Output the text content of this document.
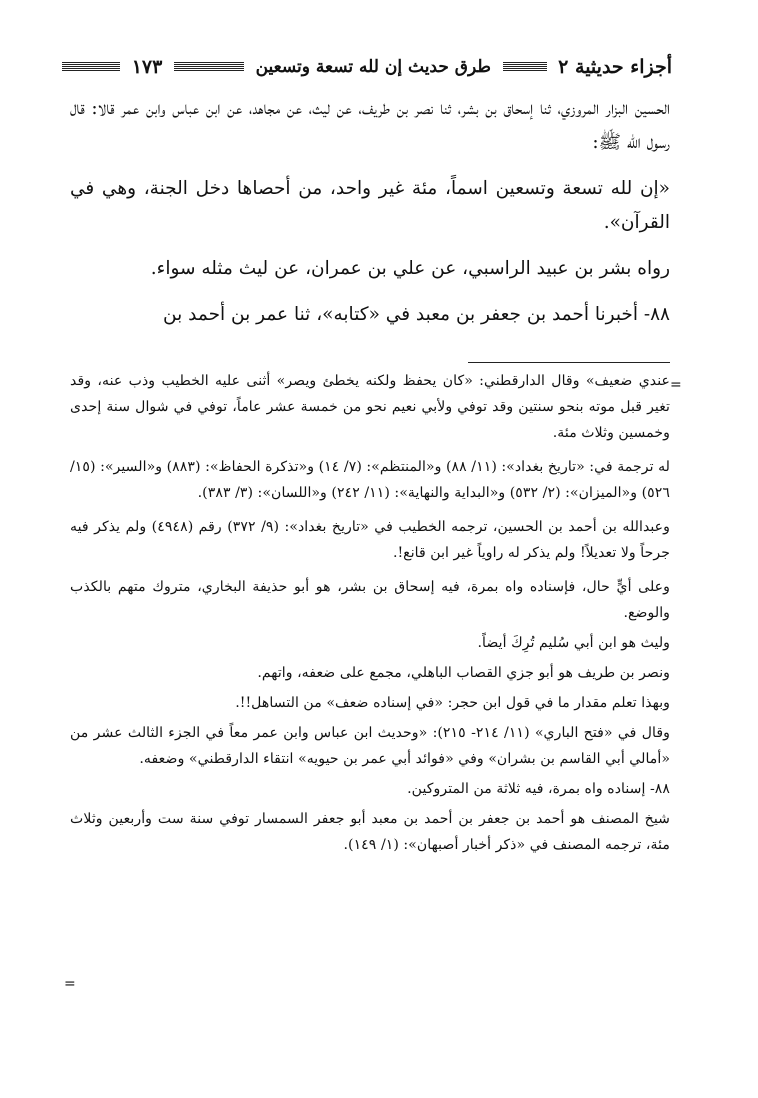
أجزاء حديثية ٢
طرق حديث إن لله تسعة وتسعين
١٧٣

الحسين البزار المروزي، ثنا إسحاق بن بشر، ثنا نصر بن طريف، عن ليث، عن مجاهد، عن ابن عباس وابن عمر قالا: قال رسول الله ﷺ:

«إن لله تسعة وتسعين اسماً، مئة غير واحد، من أحصاها دخل الجنة، وهي في القرآن».

رواه بشر بن عبيد الراسبي، عن علي بن عمران، عن ليث مثله سواء.

٨٨- أخبرنا أحمد بن جعفر بن معبد في «كتابه»، ثنا عمر بن أحمد بن

=

عندي ضعيف» وقال الدارقطني: «كان يحفظ ولكنه يخطئ ويصر» أثنى عليه الخطيب وذب عنه، وقد تغير قبل موته بنحو سنتين وقد توفي ولأبي نعيم نحو من خمسة عشر عاماً، توفي في شوال سنة إحدى وخمسين وثلاث مئة.

له ترجمة في: «تاريخ بغداد»: (١١/ ٨٨) و«المنتظم»: (٧/ ١٤) و«تذكرة الحفاظ»: (٨٨٣) و«السير»: (١٥/ ٥٢٦) و«الميزان»: (٢/ ٥٣٢) و«البداية والنهاية»: (١١/ ٢٤٢) و«اللسان»: (٣/ ٣٨٣).

وعبدالله بن أحمد بن الحسين، ترجمه الخطيب في «تاريخ بغداد»: (٩/ ٣٧٢) رقم (٤٩٤٨) ولم يذكر فيه جرحاً ولا تعديلاً! ولم يذكر له راوياً غير ابن قانع!.

وعلى أيٍّ حال، فإسناده واه بمرة، فيه إسحاق بن بشر، هو أبو حذيفة البخاري، متروك متهم بالكذب والوضع.

وليث هو ابن أبي سُليم تُرِكَ أيضاً.

ونصر بن طريف هو أبو جزي القصاب الباهلي، مجمع على ضعفه، واتهم.

وبهذا تعلم مقدار ما في قول ابن حجر: «في إسناده ضعف» من التساهل!!.

وقال في «فتح الباري» (١١/ ٢١٤- ٢١٥): «وحديث ابن عباس وابن عمر معاً في الجزء الثالث عشر من «أمالي أبي القاسم بن بشران» وفي «فوائد أبي عمر بن حيويه» انتقاء الدارقطني» وضعفه.

٨٨- إسناده واه بمرة، فيه ثلاثة من المتروكين.

شيخ المصنف هو أحمد بن جعفر بن أحمد بن معبد أبو جعفر السمسار توفي سنة ست وأربعين وثلاث مئة، ترجمه المصنف في «ذكر أخبار أصبهان»: (١/ ١٤٩).

=
